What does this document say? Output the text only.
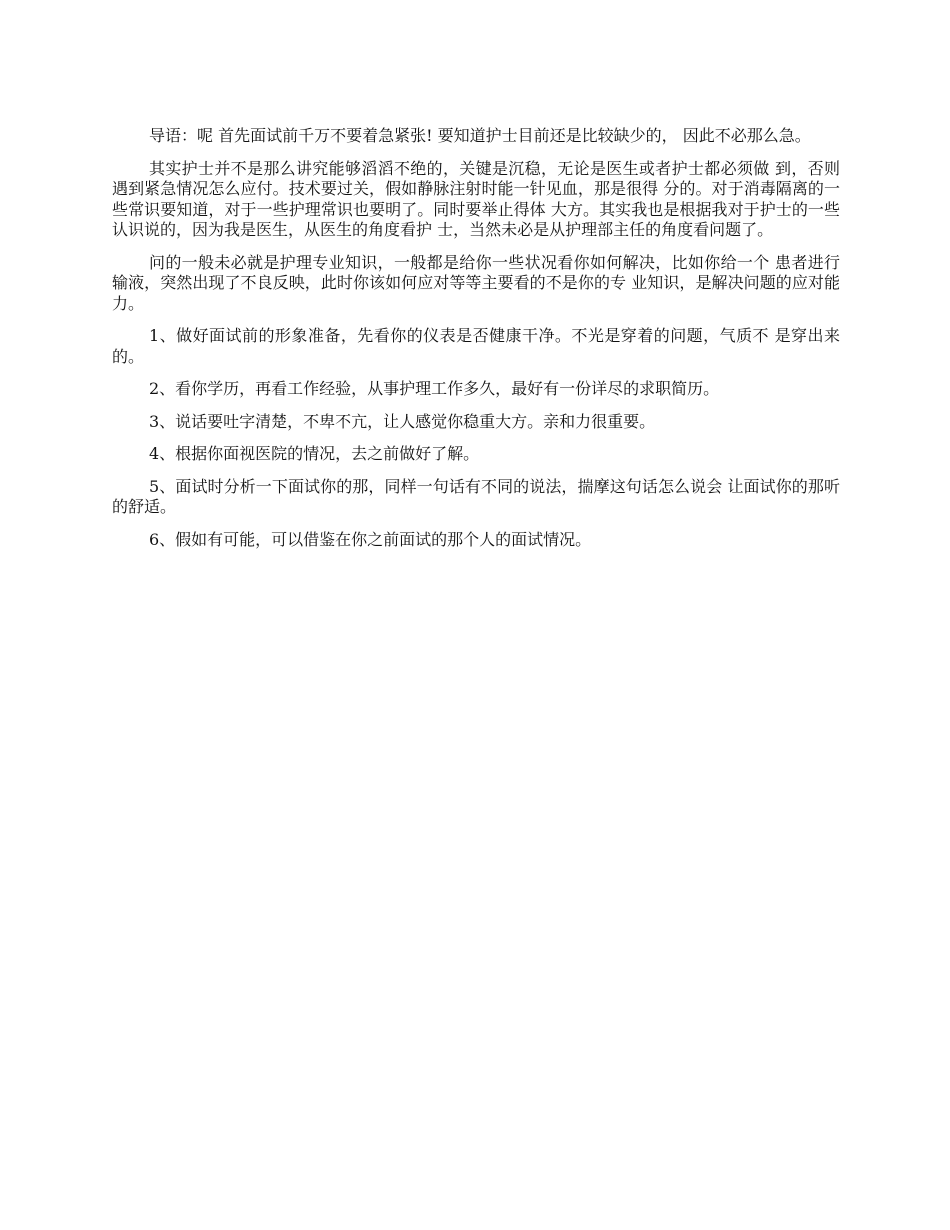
导语：呢 首先面试前千万不要着急紧张! 要知道护士目前还是比较缺少的， 因此不必那么急。

其实护士并不是那么讲究能够滔滔不绝的，关键是沉稳，无论是医生或者护士都必须做 到，否则遇到紧急情况怎么应付。技术要过关，假如静脉注射时能一针见血，那是很得 分的。对于消毒隔离的一些常识要知道，对于一些护理常识也要明了。同时要举止得体 大方。其实我也是根据我对于护士的一些认识说的，因为我是医生，从医生的角度看护 士，当然未必是从护理部主任的角度看问题了。

问的一般未必就是护理专业知识，一般都是给你一些状况看你如何解决，比如你给一个 患者进行输液，突然出现了不良反映，此时你该如何应对等等主要看的不是你的专 业知识，是解决问题的应对能力。

1、做好面试前的形象准备，先看你的仪表是否健康干净。不光是穿着的问题，气质不 是穿出来的。

2、看你学历，再看工作经验，从事护理工作多久，最好有一份详尽的求职简历。

3、说话要吐字清楚，不卑不亢，让人感觉你稳重大方。亲和力很重要。

4、根据你面视医院的情况，去之前做好了解。

5、面试时分析一下面试你的那，同样一句话有不同的说法，揣摩这句话怎么说会 让面试你的那听的舒适。

6、假如有可能，可以借鉴在你之前面试的那个人的面试情况。
